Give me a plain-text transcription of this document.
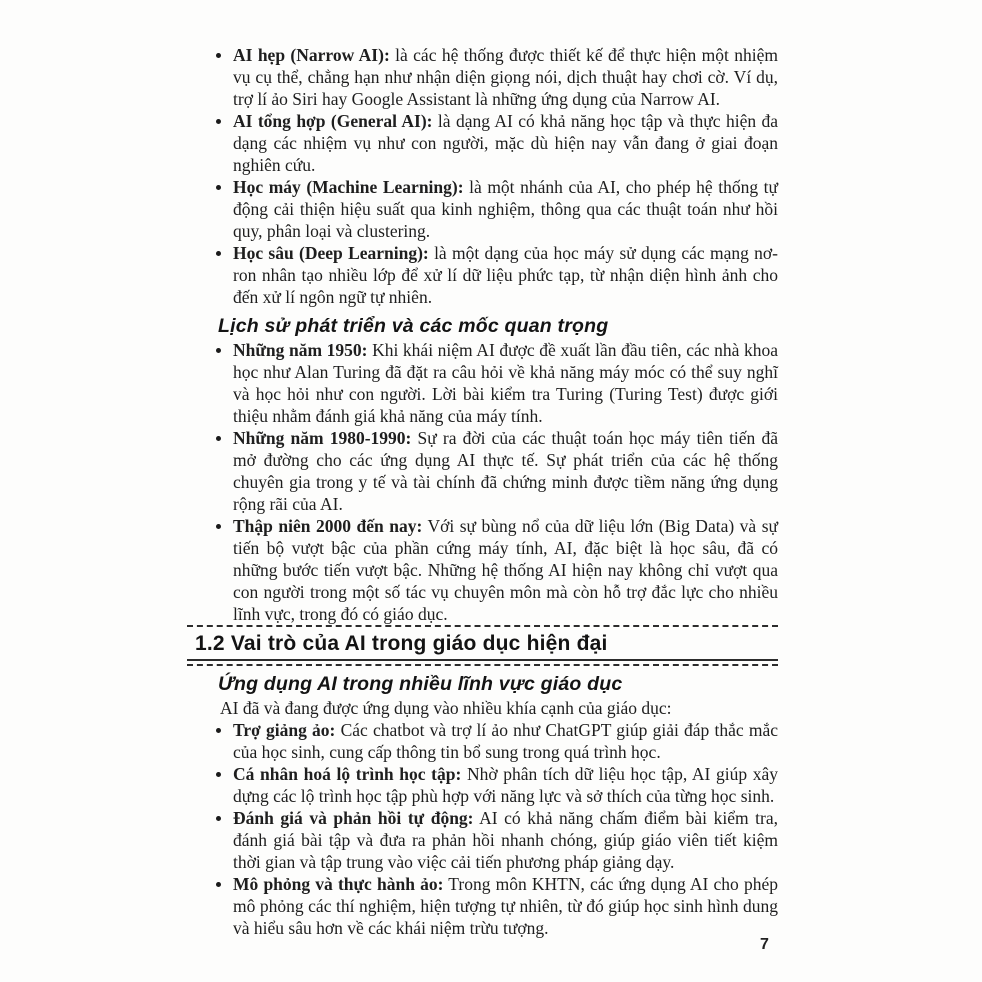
AI hẹp (Narrow AI): là các hệ thống được thiết kế để thực hiện một nhiệm vụ cụ thể, chẳng hạn như nhận diện giọng nói, dịch thuật hay chơi cờ. Ví dụ, trợ lí ảo Siri hay Google Assistant là những ứng dụng của Narrow AI.
AI tổng hợp (General AI): là dạng AI có khả năng học tập và thực hiện đa dạng các nhiệm vụ như con người, mặc dù hiện nay vẫn đang ở giai đoạn nghiên cứu.
Học máy (Machine Learning): là một nhánh của AI, cho phép hệ thống tự động cải thiện hiệu suất qua kinh nghiệm, thông qua các thuật toán như hồi quy, phân loại và clustering.
Học sâu (Deep Learning): là một dạng của học máy sử dụng các mạng nơ-ron nhân tạo nhiều lớp để xử lí dữ liệu phức tạp, từ nhận diện hình ảnh cho đến xử lí ngôn ngữ tự nhiên.
Lịch sử phát triển và các mốc quan trọng
Những năm 1950: Khi khái niệm AI được đề xuất lần đầu tiên, các nhà khoa học như Alan Turing đã đặt ra câu hỏi về khả năng máy móc có thể suy nghĩ và học hỏi như con người. Lời bài kiểm tra Turing (Turing Test) được giới thiệu nhằm đánh giá khả năng của máy tính.
Những năm 1980-1990: Sự ra đời của các thuật toán học máy tiên tiến đã mở đường cho các ứng dụng AI thực tế. Sự phát triển của các hệ thống chuyên gia trong y tế và tài chính đã chứng minh được tiềm năng ứng dụng rộng rãi của AI.
Thập niên 2000 đến nay: Với sự bùng nổ của dữ liệu lớn (Big Data) và sự tiến bộ vượt bậc của phần cứng máy tính, AI, đặc biệt là học sâu, đã có những bước tiến vượt bậc. Những hệ thống AI hiện nay không chỉ vượt qua con người trong một số tác vụ chuyên môn mà còn hỗ trợ đắc lực cho nhiều lĩnh vực, trong đó có giáo dục.
1.2 Vai trò của AI trong giáo dục hiện đại
Ứng dụng AI trong nhiều lĩnh vực giáo dục
AI đã và đang được ứng dụng vào nhiều khía cạnh của giáo dục:
Trợ giảng ảo: Các chatbot và trợ lí ảo như ChatGPT giúp giải đáp thắc mắc của học sinh, cung cấp thông tin bổ sung trong quá trình học.
Cá nhân hoá lộ trình học tập: Nhờ phân tích dữ liệu học tập, AI giúp xây dựng các lộ trình học tập phù hợp với năng lực và sở thích của từng học sinh.
Đánh giá và phản hồi tự động: AI có khả năng chấm điểm bài kiểm tra, đánh giá bài tập và đưa ra phản hồi nhanh chóng, giúp giáo viên tiết kiệm thời gian và tập trung vào việc cải tiến phương pháp giảng dạy.
Mô phỏng và thực hành ảo: Trong môn KHTN, các ứng dụng AI cho phép mô phỏng các thí nghiệm, hiện tượng tự nhiên, từ đó giúp học sinh hình dung và hiểu sâu hơn về các khái niệm trừu tượng.
7
